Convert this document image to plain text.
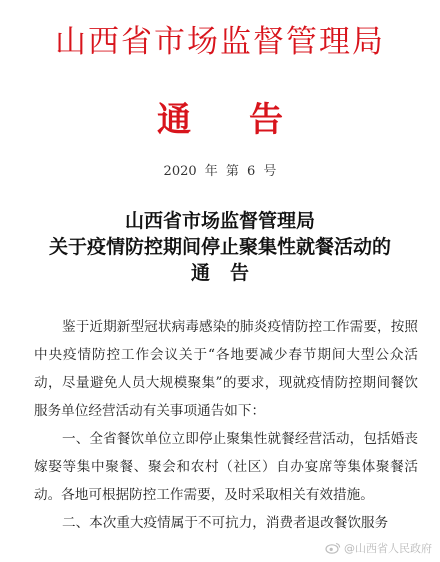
山西省市场监督管理局
通告
2020 年 第 6 号
山西省市场监督管理局
关于疫情防控期间停止聚集性就餐活动的
通告
鉴于近期新型冠状病毒感染的肺炎疫情防控工作需要，按照中央疫情防控工作会议关于“各地要减少春节期间大型公众活动，尽量避免人员大规模聚集”的要求，现就疫情防控期间餐饮服务单位经营活动有关事项通告如下：
一、全省餐饮单位立即停止聚集性就餐经营活动，包括婚丧嫁娶等集中聚餐、聚会和农村（社区）自办宴席等集体聚餐活动。各地可根据防控工作需要，及时采取相关有效措施。
二、本次重大疫情属于不可抗力，消费者退改餐饮服务
@山西省人民政府
